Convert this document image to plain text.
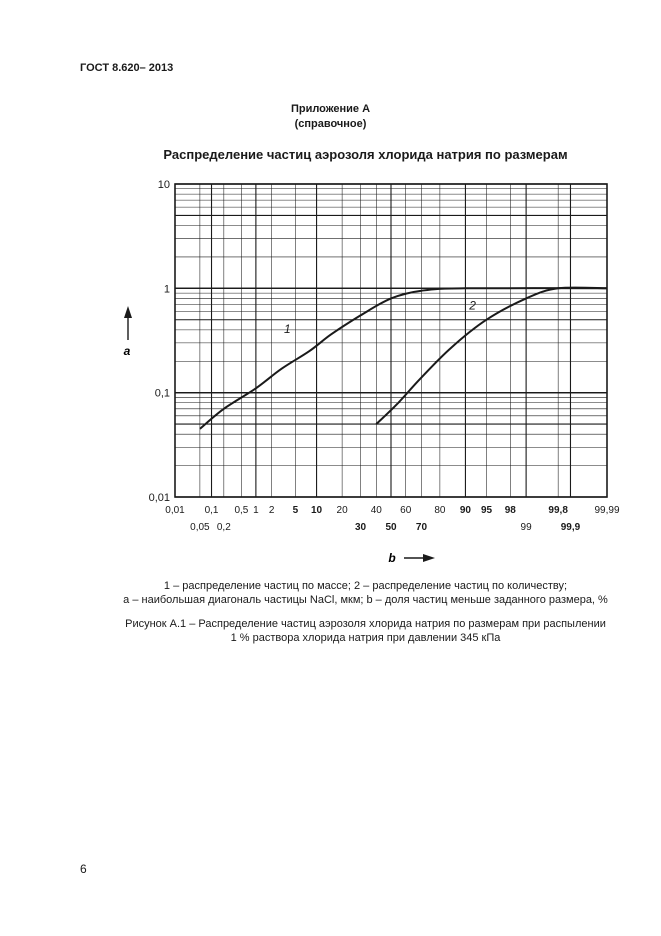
ГОСТ 8.620– 2013
Приложение А
(справочное)
Распределение частиц аэрозоля хлорида натрия по размерам
0,01
0,1
1
10
0,01 0,1 0,5 1 2 5 10 20 40 60 80 90 95 98	99,8	99,99
0,05 0,2	30 50 70	99	99,9
1
2
a
b
1 – распределение частиц по массе; 2 – распределение частиц по количеству;
а – наибольшая диагональ частицы NaCl, мкм; b – доля частиц меньше заданного размера, %
Рисунок А.1 – Распределение частиц аэрозоля хлорида натрия по размерам при распылении
1 % раствора хлорида натрия при давлении 345 кПа
6
